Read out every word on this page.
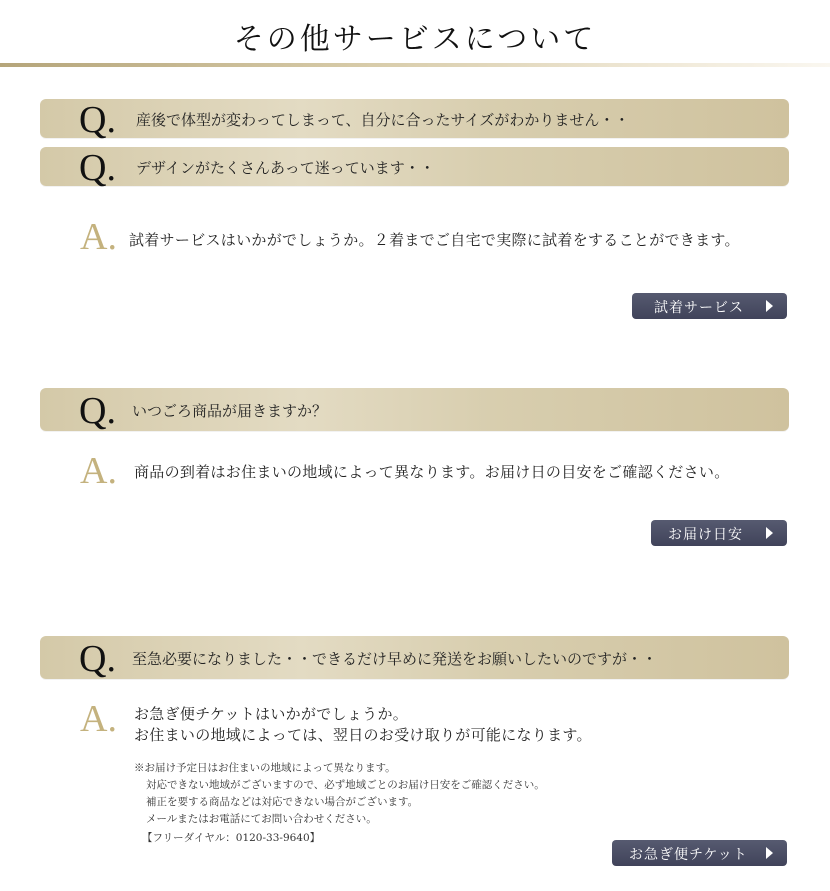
その他サービスについて
Q. 産後で体型が変わってしまって、自分に合ったサイズがわかりません・・
Q. デザインがたくさんあって迷っています・・
A. 試着サービスはいかがでしょうか。２着までご自宅で実際に試着をすることができます。
試着サービス
Q. いつごろ商品が届きますか？
A. 商品の到着はお住まいの地域によって異なります。お届け日の目安をご確認ください。
お届け日安
Q. 至急必要になりました・・できるだけ早めに発送をお願いしたいのですが・・
A. お急ぎ便チケットはいかがでしょうか。
お住まいの地域によっては、翌日のお受け取りが可能になります。
※お届け予定日はお住まいの地域によって異なります。
対応できない地域がございますので、必ず地域ごとのお届け日安をご確認ください。
補正を要する商品などは対応できない場合がございます。
メールまたはお電話にてお問い合わせください。
【フリーダイヤル：0120-33-9640】
お急ぎ便チケット
